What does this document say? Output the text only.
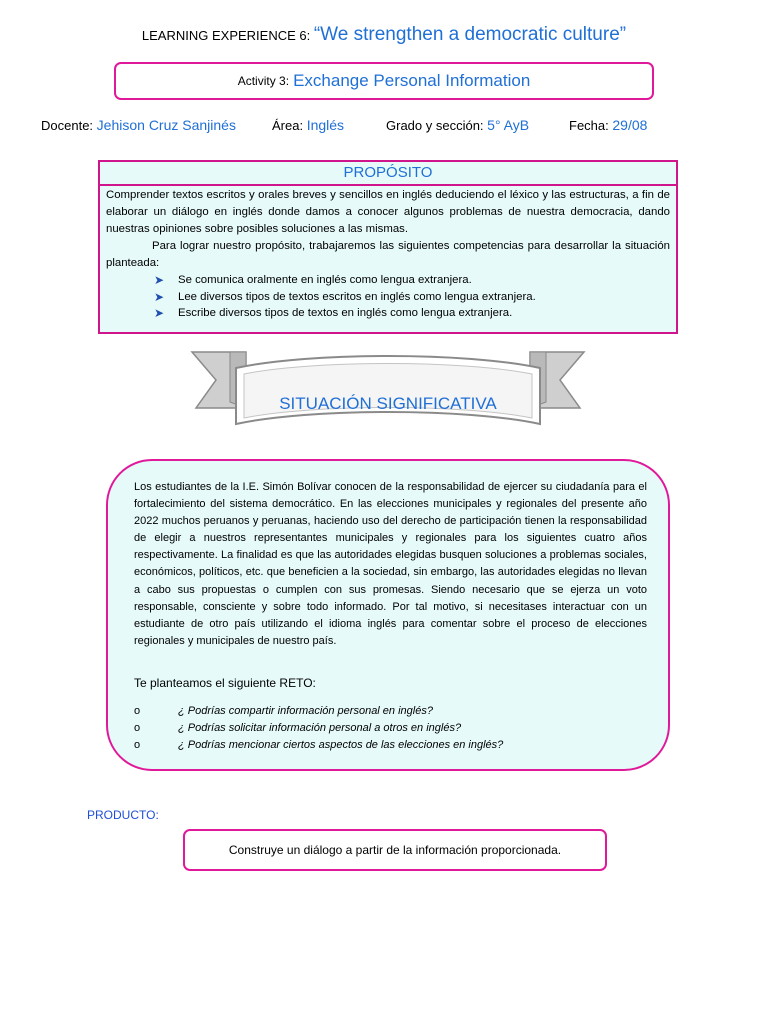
LEARNING EXPERIENCE 6: “We strengthen a democratic culture”
Activity 3: Exchange Personal Information
Docente: Jehison Cruz Sanjinés	Área: Inglés	Grado y sección: 5° AyB	Fecha: 29/08
PROPÓSITO

Comprender textos escritos y orales breves y sencillos en inglés deduciendo el léxico y las estructuras, a fin de elaborar un diálogo en inglés donde damos a conocer algunos problemas de nuestra democracia, dando nuestras opiniones sobre posibles soluciones a las mismas.

Para lograr nuestro propósito, trabajaremos las siguientes competencias para desarrollar la situación planteada:

➤ Se comunica oralmente en inglés como lengua extranjera.
➤ Lee diversos tipos de textos escritos en inglés como lengua extranjera.
➤ Escribe diversos tipos de textos en inglés como lengua extranjera.
SITUACIÓN SIGNIFICATIVA

Los estudiantes de la I.E. Simón Bolívar conocen de la responsabilidad de ejercer su ciudadanía para el fortalecimiento del sistema democrático. En las elecciones municipales y regionales del presente año 2022 muchos peruanos y peruanas, haciendo uso del derecho de participación tienen la responsabilidad de elegir a nuestros representantes municipales y regionales para los siguientes cuatro años respectivamente. La finalidad es que las autoridades elegidas busquen soluciones a problemas sociales, económicos, políticos, etc. que beneficien a la sociedad, sin embargo, las autoridades elegidas no llevan a cabo sus propuestas o cumplen con sus promesas. Siendo necesario que se ejerza un voto responsable, consciente y sobre todo informado. Por tal motivo, si necesitases interactuar con un estudiante de otro país utilizando el idioma inglés para comentar sobre el proceso de elecciones regionales y municipales de nuestro país.

Te planteamos el siguiente RETO:

o	¿ Podrías compartir información personal en inglés?
o	¿ Podrías solicitar información personal a otros en inglés?
o	¿ Podrías mencionar ciertos aspectos de las elecciones en inglés?
PRODUCTO:
Construye un diálogo a partir de la información proporcionada.
